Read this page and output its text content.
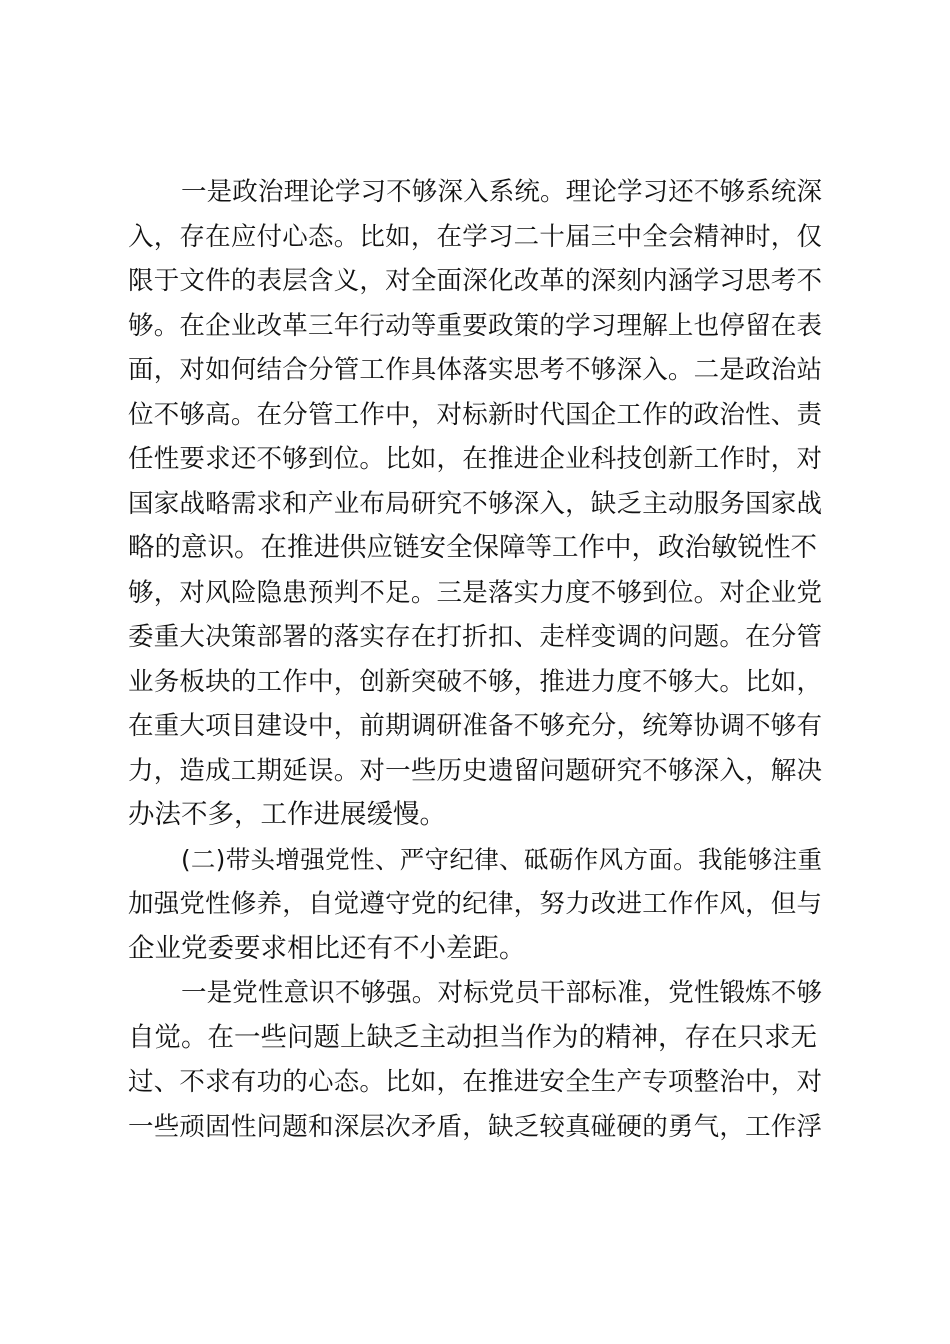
一是政治理论学习不够深入系统。理论学习还不够系统深
入，存在应付心态。比如，在学习二十届三中全会精神时，仅
限于文件的表层含义，对全面深化改革的深刻内涵学习思考不
够。在企业改革三年行动等重要政策的学习理解上也停留在表
面，对如何结合分管工作具体落实思考不够深入。二是政治站
位不够高。在分管工作中，对标新时代国企工作的政治性、责
任性要求还不够到位。比如，在推进企业科技创新工作时，对
国家战略需求和产业布局研究不够深入，缺乏主动服务国家战
略的意识。在推进供应链安全保障等工作中，政治敏锐性不
够，对风险隐患预判不足。三是落实力度不够到位。对企业党
委重大决策部署的落实存在打折扣、走样变调的问题。在分管
业务板块的工作中，创新突破不够，推进力度不够大。比如，
在重大项目建设中，前期调研准备不够充分，统筹协调不够有
力，造成工期延误。对一些历史遗留问题研究不够深入，解决
办法不多，工作进展缓慢。
(二)带头增强党性、严守纪律、砥砺作风方面。我能够注重
加强党性修养，自觉遵守党的纪律，努力改进工作作风，但与
企业党委要求相比还有不小差距。
一是党性意识不够强。对标党员干部标准，党性锻炼不够
自觉。在一些问题上缺乏主动担当作为的精神，存在只求无
过、不求有功的心态。比如，在推进安全生产专项整治中，对
一些顽固性问题和深层次矛盾，缺乏较真碰硬的勇气，工作浮
